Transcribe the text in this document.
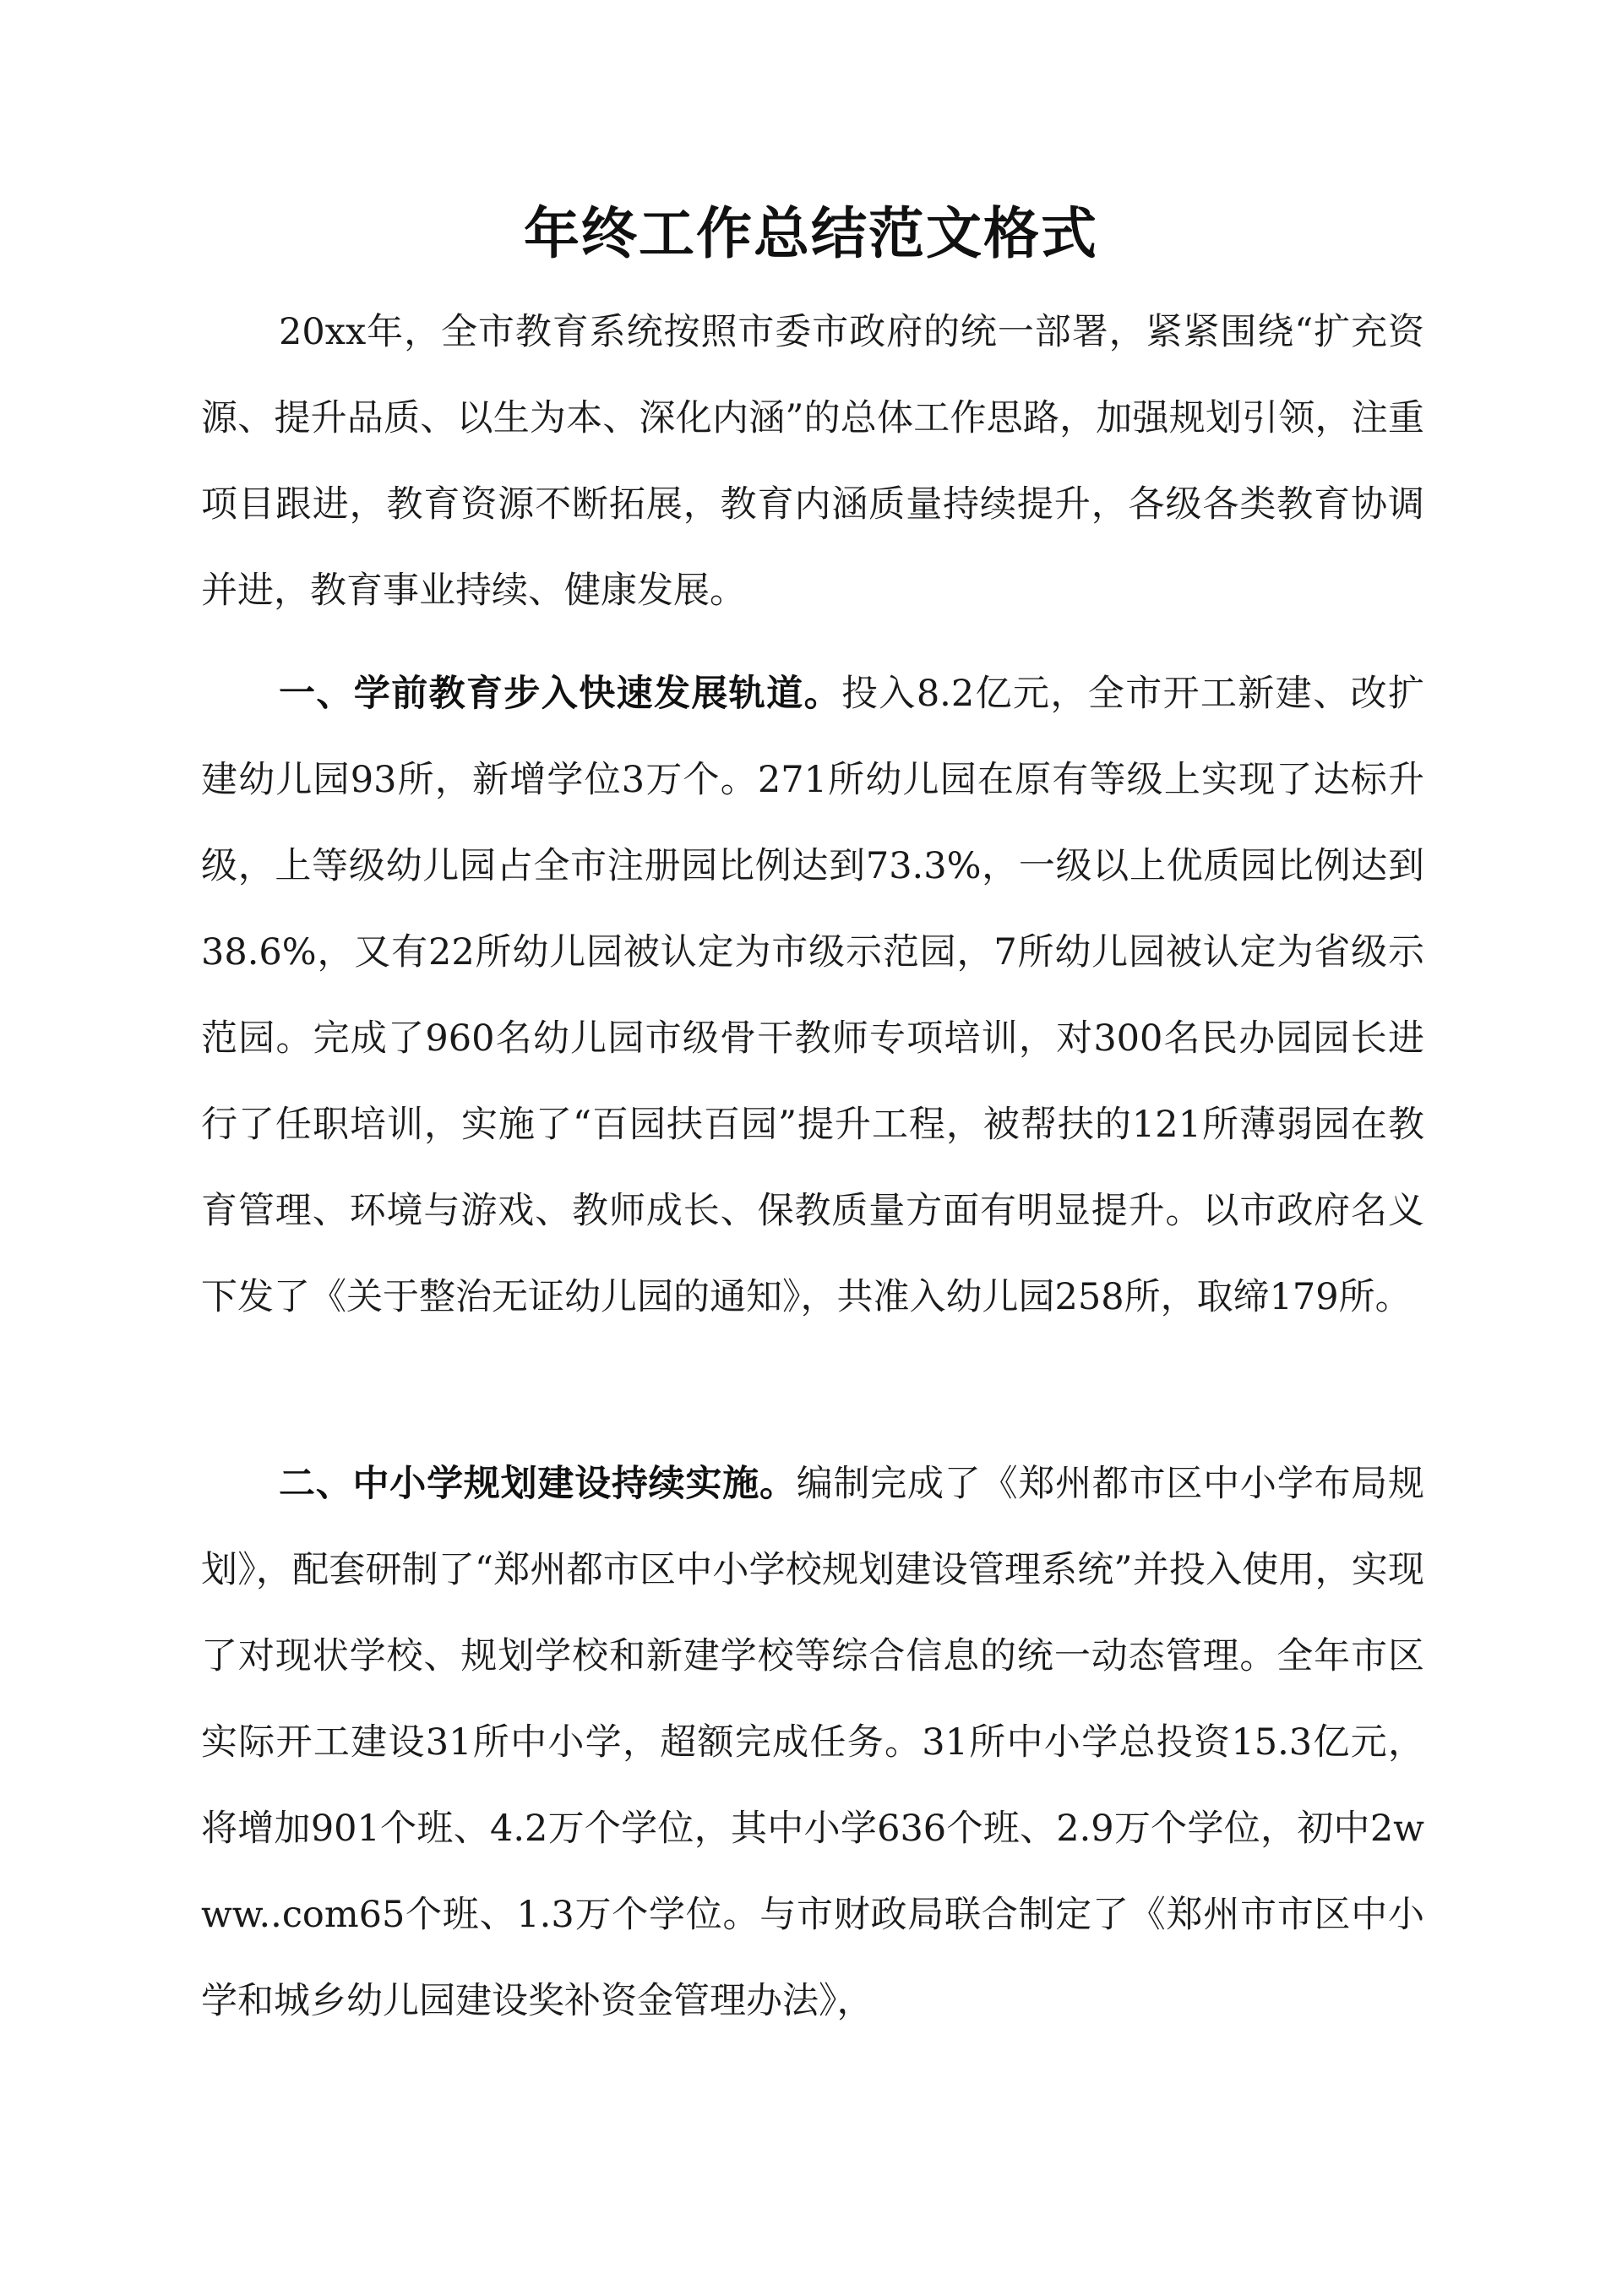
年终工作总结范文格式

20xx年，全市教育系统按照市委市政府的统一部署，紧紧围绕“扩充资源、提升品质、以生为本、深化内涵”的总体工作思路，加强规划引领，注重项目跟进，教育资源不断拓展，教育内涵质量持续提升，各级各类教育协调并进，教育事业持续、健康发展。

一、学前教育步入快速发展轨道。投入8.2亿元，全市开工新建、改扩建幼儿园93所，新增学位3万个。271所幼儿园在原有等级上实现了达标升级，上等级幼儿园占全市注册园比例达到73.3%，一级以上优质园比例达到38.6%，又有22所幼儿园被认定为市级示范园，7所幼儿园被认定为省级示范园。完成了960名幼儿园市级骨干教师专项培训，对300名民办园园长进行了任职培训，实施了“百园扶百园”提升工程，被帮扶的121所薄弱园在教育管理、环境与游戏、教师成长、保教质量方面有明显提升。以市政府名义下发了《关于整治无证幼儿园的通知》，共准入幼儿园258所，取缔179所。

二、中小学规划建设持续实施。编制完成了《郑州都市区中小学布局规划》，配套研制了“郑州都市区中小学校规划建设管理系统”并投入使用，实现了对现状学校、规划学校和新建学校等综合信息的统一动态管理。全年市区实际开工建设31所中小学，超额完成任务。31所中小学总投资15.3亿元，将增加901个班、4.2万个学位，其中小学636个班、2.9万个学位，初中2www..com65个班、1.3万个学位。与市财政局联合制定了《郑州市市区中小学和城乡幼儿园建设奖补资金管理办法》，
